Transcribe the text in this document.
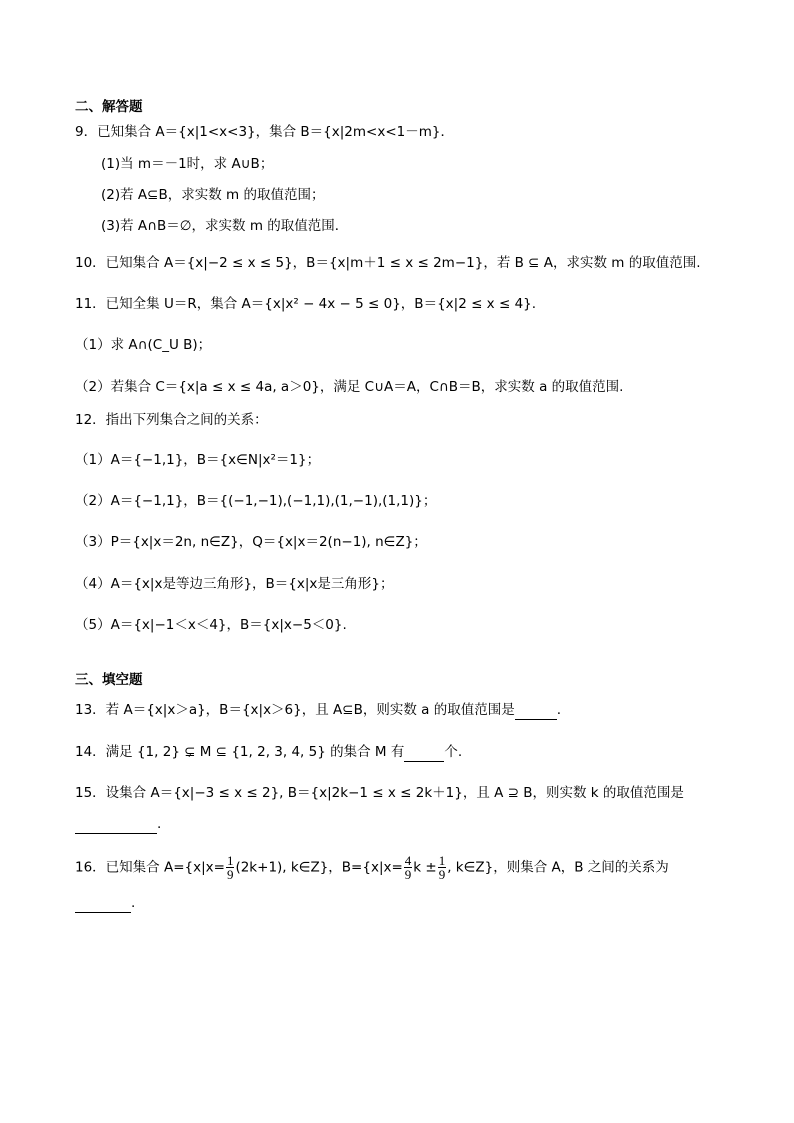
二、解答题
9．已知集合 A＝{x|1<x<3}，集合 B＝{x|2m<x<1－m}．
(1)当 m＝－1时，求 A∪B；
(2)若 A⊆B，求实数 m 的取值范围；
(3)若 A∩B＝∅，求实数 m 的取值范围．
10．已知集合 A＝{x|−2 ≤ x ≤ 5}，B＝{x|m＋1 ≤ x ≤ 2m−1}，若 B ⊆ A，求实数 m 的取值范围.
11．已知全集 U＝R，集合 A＝{x|x² − 4x − 5 ≤ 0}，B＝{x|2 ≤ x ≤ 4}.
（1）求 A∩(C_U B)；
（2）若集合 C＝{x|a ≤ x ≤ 4a, a＞0}，满足 C∪A＝A，C∩B＝B，求实数 a 的取值范围.
12．指出下列集合之间的关系：
（1）A＝{−1,1}，B＝{x∈N|x²＝1}；
（2）A＝{−1,1}，B＝{(−1,−1),(−1,1),(1,−1),(1,1)}；
（3）P＝{x|x＝2n, n∈Z}，Q＝{x|x＝2(n−1), n∈Z}；
（4）A＝{x|x是等边三角形}，B＝{x|x是三角形}；
（5）A＝{x|−1＜x＜4}，B＝{x|x−5＜0}.
三、填空题
13．若 A＝{x|x＞a}，B＝{x|x＞6}，且 A⊆B，则实数 a 的取值范围是	.
14．满足 {1, 2} ⊊ M ⊆ {1, 2, 3, 4, 5} 的集合 M 有	个.
15．设集合 A＝{x|−3 ≤ x ≤ 2}, B＝{x|2k−1 ≤ x ≤ 2k＋1}，且 A ⊇ B，则实数 k 的取值范围是
.
16．已知集合 $A=\{x|x= \frac{1}{9} (2k+1)$, k∈Z}，$B=\{x|x= \frac{4}{9}$ $k \pm \frac{1}{9}$ , k∈Z}，则集合 A，B 之间的关系为
.
